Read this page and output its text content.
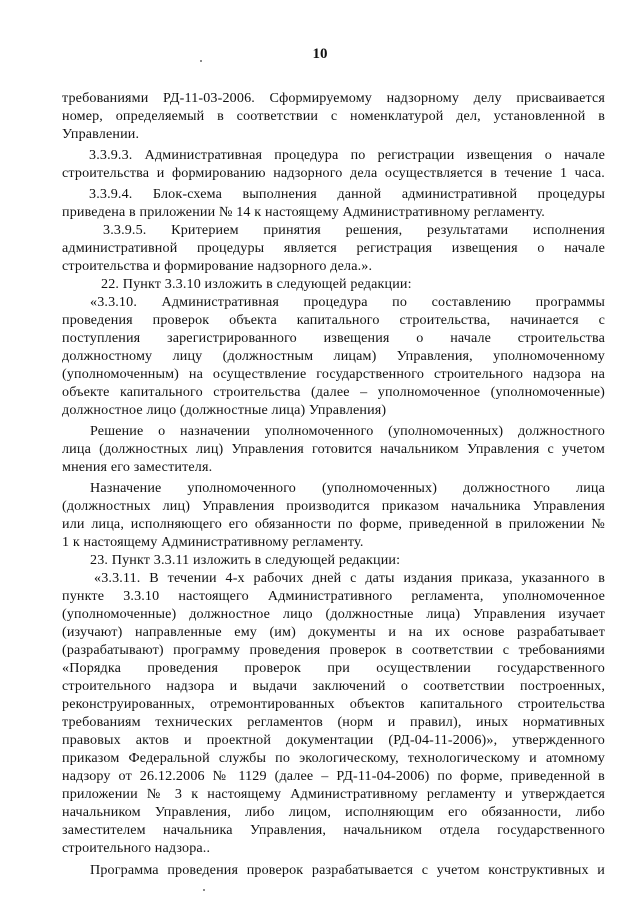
10
требованиями РД-11-03-2006. Сформируемому надзорному делу присваивается
номер, определяемый в соответствии с номенклатурой дел, установленной в
Управлении.
3.3.9.3. Административная процедура по регистрации извещения о начале
строительства и формированию надзорного дела осуществляется в течение 1 часа.
3.3.9.4. Блок-схема выполнения данной административной процедуры
приведена в приложении № 14 к настоящему Административному регламенту.
3.3.9.5. Критерием принятия решения, результатами исполнения
административной процедуры является регистрация извещения о начале
строительства и формирование надзорного дела.».
22. Пункт 3.3.10 изложить в следующей редакции:
«3.3.10. Административная процедура по составлению программы
проведения проверок объекта капитального строительства, начинается с
поступления зарегистрированного извещения о начале строительства
должностному лицу (должностным лицам) Управления, уполномоченному
(уполномоченным) на осуществление государственного строительного надзора на
объекте капитального строительства (далее – уполномоченное (уполномоченные)
должностное лицо (должностные лица) Управления)
Решение о назначении уполномоченного (уполномоченных) должностного
лица (должностных лиц) Управления готовится начальником Управления с учетом
мнения его заместителя.
Назначение уполномоченного (уполномоченных) должностного лица
(должностных лиц) Управления производится приказом начальника Управления
или лица, исполняющего его обязанности по форме, приведенной в приложении №
1 к настоящему Административному регламенту.
23. Пункт 3.3.11 изложить в следующей редакции:
«3.3.11. В течении 4-х рабочих дней с даты издания приказа, указанного в
пункте 3.3.10 настоящего Административного регламента, уполномоченное
(уполномоченные) должностное лицо (должностные лица) Управления изучает
(изучают) направленные ему (им) документы и на их основе разрабатывает
(разрабатывают) программу проведения проверок в соответствии с требованиями
«Порядка проведения проверок при осуществлении государственного
строительного надзора и выдачи заключений о соответствии построенных,
реконструированных, отремонтированных объектов капитального строительства
требованиям технических регламентов (норм и правил), иных нормативных
правовых актов и проектной документации (РД-04-11-2006)», утвержденного
приказом Федеральной службы по экологическому, технологическому и атомному
надзору от 26.12.2006 № 1129 (далее – РД-11-04-2006) по форме, приведенной в
приложении № 3 к настоящему Административному регламенту и утверждается
начальником Управления, либо лицом, исполняющим его обязанности, либо
заместителем начальника Управления, начальником отдела государственного
строительного надзора..
Программа проведения проверок разрабатывается с учетом конструктивных и
